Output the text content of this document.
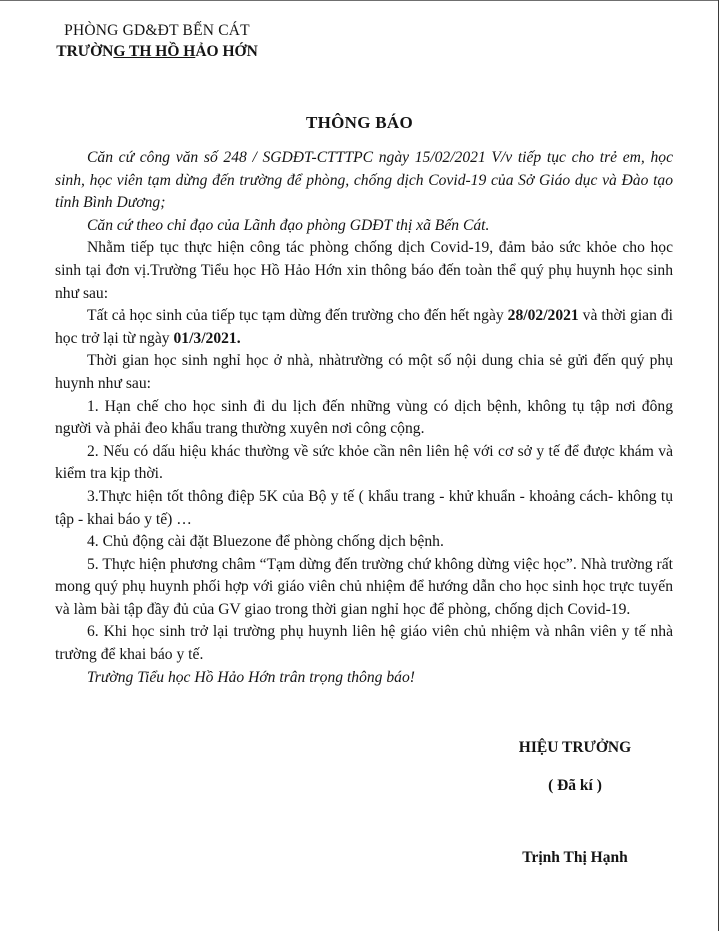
PHÒNG GD&ĐT BẾN CÁT
TRƯỜNG TH HỒ HẢO HỚN
THÔNG BÁO

Căn cứ công văn số 248 / SGDĐT-CTTTPC ngày 15/02/2021 V/v tiếp tục cho trẻ em, học sinh, học viên tạm dừng đến trường để phòng, chống dịch Covid-19 của Sở Giáo dục và Đào tạo tỉnh Bình Dương;

Căn cứ theo chỉ đạo của Lãnh đạo phòng GDĐT thị xã Bến Cát.

Nhằm tiếp tục thực hiện công tác phòng chống dịch Covid-19, đảm bảo sức khỏe cho học sinh tại đơn vị.Trường Tiểu học Hồ Hảo Hớn xin thông báo đến toàn thể quý phụ huynh học sinh như sau:

Tất cả học sinh của tiếp tục tạm dừng đến trường cho đến hết ngày 28/02/2021 và thời gian đi học trở lại từ ngày 01/3/2021.

Thời gian học sinh nghỉ học ở nhà, nhàtrường có một số nội dung chia sẻ gửi đến quý phụ huynh như sau:

1. Hạn chế cho học sinh đi du lịch đến những vùng có dịch bệnh, không tụ tập nơi đông người và phải đeo khẩu trang thường xuyên nơi công cộng.

2. Nếu có dấu hiệu khác thường về sức khỏe cần nên liên hệ với cơ sở y tế để được khám và kiểm tra kịp thời.

3.Thực hiện tốt thông điệp 5K của Bộ y tế ( khẩu trang - khử khuẩn - khoảng cách- không tụ tập - khai báo y tế) …

4. Chủ động cài đặt Bluezone để phòng chống dịch bệnh.

5. Thực hiện phương châm “Tạm dừng đến trường chứ không dừng việc học”. Nhà trường rất mong quý phụ huynh phối hợp với giáo viên chủ nhiệm để hướng dẫn cho học sinh học trực tuyến và làm bài tập đầy đủ của GV giao trong thời gian nghỉ học để phòng, chống dịch Covid-19.

6. Khi học sinh trở lại trường phụ huynh liên hệ giáo viên chủ nhiệm và nhân viên y tế nhà trường để khai báo y tế.

Trường Tiểu học Hồ Hảo Hớn trân trọng thông báo!

HIỆU TRƯỞNG
( Đã kí )
Trịnh Thị Hạnh
